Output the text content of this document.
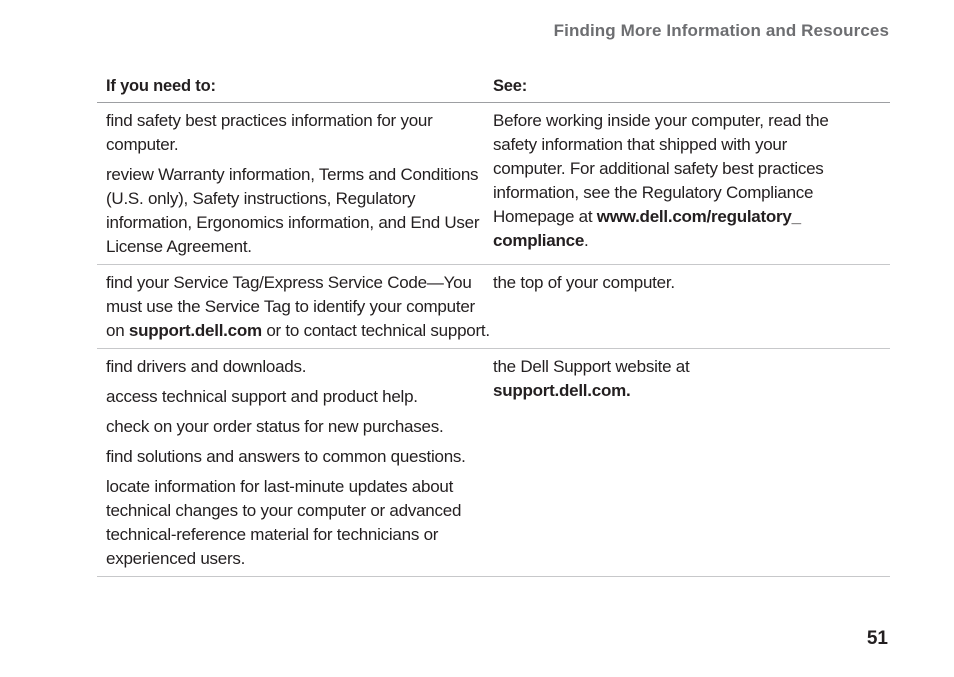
Finding More Information and Resources
If you need to:	See:
find safety best practices information for your computer.
review Warranty information, Terms and Conditions (U.S. only), Safety instructions, Regulatory information, Ergonomics information, and End User License Agreement.
Before working inside your computer, read the safety information that shipped with your computer. For additional safety best practices information, see the Regulatory Compliance Homepage at www.dell.com/regulatory_ compliance.
find your Service Tag/Express Service Code—You must use the Service Tag to identify your computer on support.dell.com or to contact technical support.
the top of your computer.
find drivers and downloads.
access technical support and product help.
check on your order status for new purchases.
find solutions and answers to common questions.
locate information for last-minute updates about technical changes to your computer or advanced technical-reference material for technicians or experienced users.
the Dell Support website at
support.dell.com.
51
